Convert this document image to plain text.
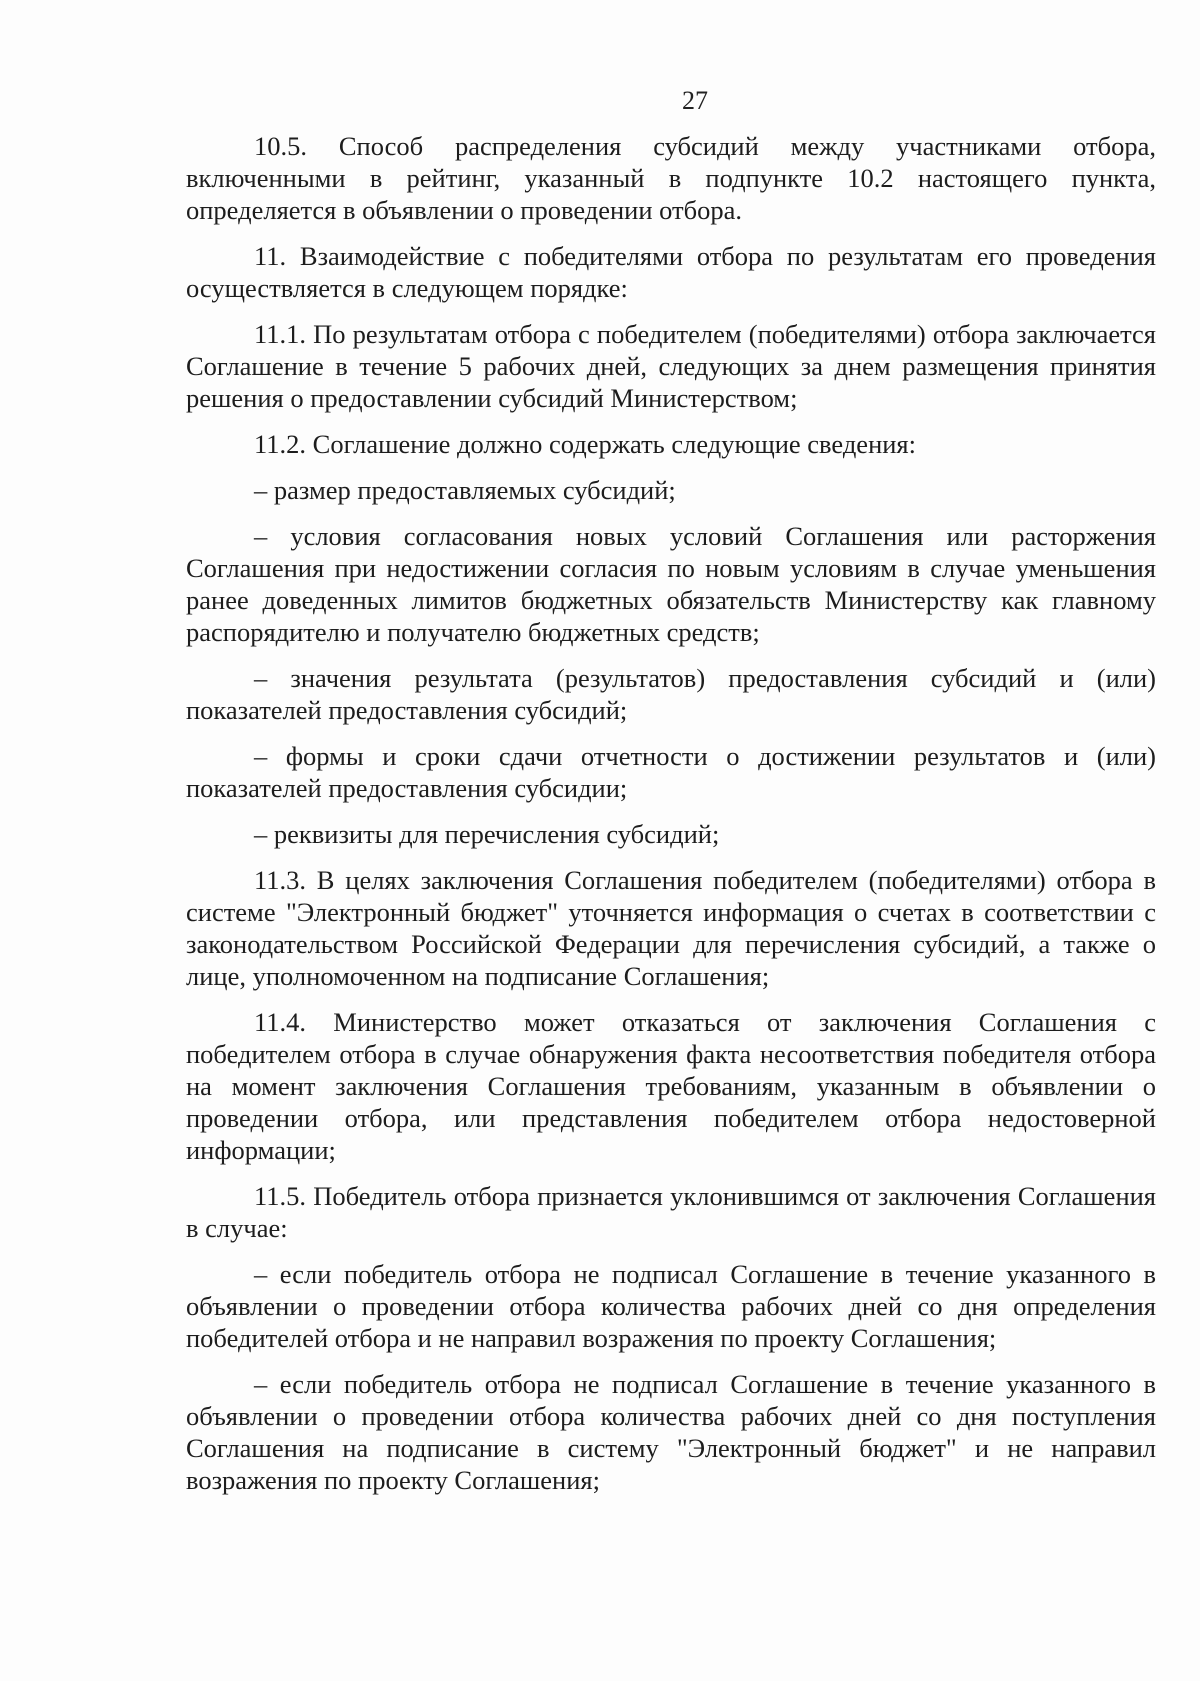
27

10.5. Способ распределения субсидий между участниками отбора, включенными в рейтинг, указанный в подпункте 10.2 настоящего пункта, определяется в объявлении о проведении отбора.

11. Взаимодействие с победителями отбора по результатам его проведения осуществляется в следующем порядке:

11.1. По результатам отбора с победителем (победителями) отбора заключается Соглашение в течение 5 рабочих дней, следующих за днем размещения принятия решения о предоставлении субсидий Министерством;

11.2. Соглашение должно содержать следующие сведения:

– размер предоставляемых субсидий;

– условия согласования новых условий Соглашения или расторжения Соглашения при недостижении согласия по новым условиям в случае уменьшения ранее доведенных лимитов бюджетных обязательств Министерству как главному распорядителю и получателю бюджетных средств;

– значения результата (результатов) предоставления субсидий и (или) показателей предоставления субсидий;

– формы и сроки сдачи отчетности о достижении результатов и (или) показателей предоставления субсидии;

– реквизиты для перечисления субсидий;

11.3. В целях заключения Соглашения победителем (победителями) отбора в системе "Электронный бюджет" уточняется информация о счетах в соответствии с законодательством Российской Федерации для перечисления субсидий, а также о лице, уполномоченном на подписание Соглашения;

11.4. Министерство может отказаться от заключения Соглашения с победителем отбора в случае обнаружения факта несоответствия победителя отбора на момент заключения Соглашения требованиям, указанным в объявлении о проведении отбора, или представления победителем отбора недостоверной информации;

11.5. Победитель отбора признается уклонившимся от заключения Соглашения в случае:

– если победитель отбора не подписал Соглашение в течение указанного в объявлении о проведении отбора количества рабочих дней со дня определения победителей отбора и не направил возражения по проекту Соглашения;

– если победитель отбора не подписал Соглашение в течение указанного в объявлении о проведении отбора количества рабочих дней со дня поступления Соглашения на подписание в систему "Электронный бюджет" и не направил возражения по проекту Соглашения;
